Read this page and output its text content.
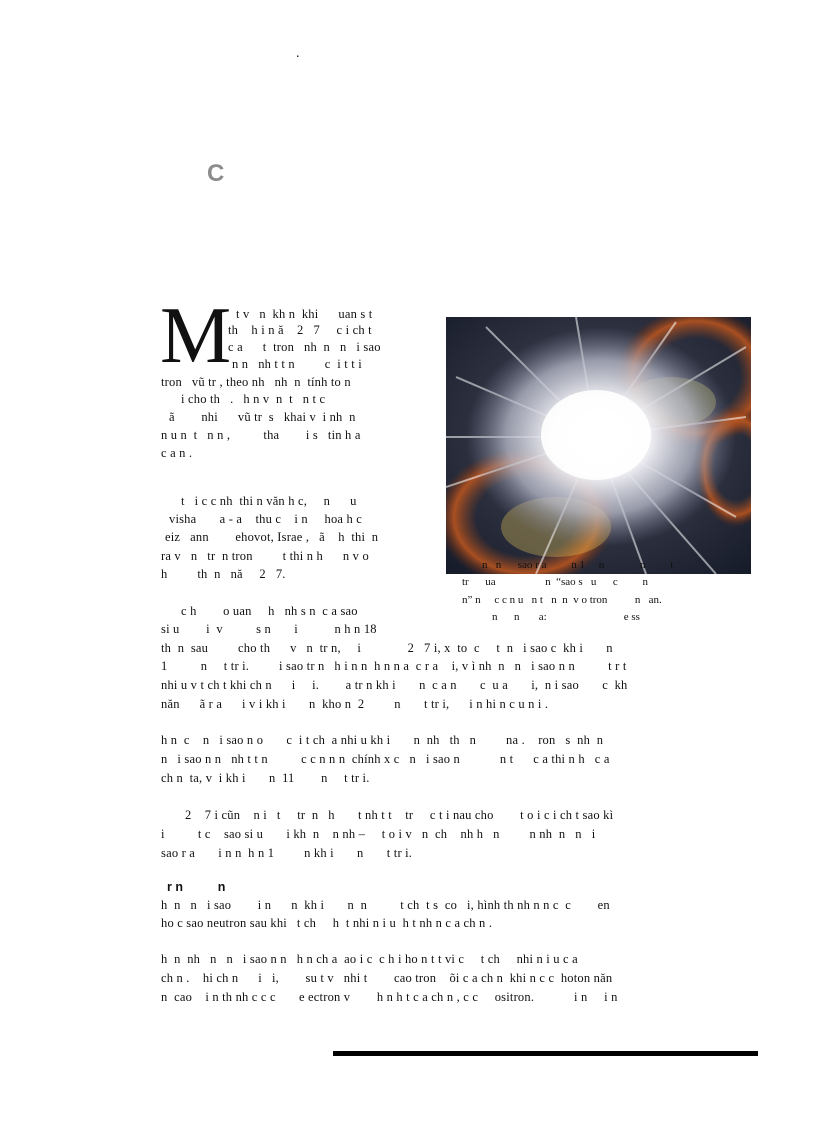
.
C
M t v   n  kh n  khi      uan s t
th    h i n ă    2   7     c i ch t
c a      t  tron   nh  n   n   i sao
n n   nh t t n         c  i t t i
tron   vũ tr , theo nh   nh  n  tính to n
i cho th   .   h n v  n  t   n t c
ã        nhi      vũ tr  s   khai v  i nh  n
n u n  t   n n ,          tha        i s   tin h a
c a n .
t   i c c nh  thi n văn h c,     n      u
visha       a - a    thu c    i n     hoa h c
eiz   ann        ehovot, Israe ,   ã    h  thi  n
ra v   n   tr  n tron         t thi n h      n v o
h         th  n   nă     2   7.
c h        o uan     h   nh s n  c a sao
si u        i  v          s n       i           n h n 18
th  n  sau         cho th      v   n  tr n,     i              2   7 i, x  to  c     t  n   i sao c  kh i       n
1          n     t tr i.         i sao tr n   h i n n  h n n a  c r a    i, v ì nh  n   n   i sao n n          t r t
nhi u v t ch t khi ch n      i     i.        a tr n kh i       n  c a n       c  u a       i,  n i sao       c  kh
năn      ã r a      i v i kh i       n  kho n  2         n       t tr i,      i n hi n c u n i .
h n  c    n   i sao n o       c  i t ch  a nhi u kh i       n  nh   th   n         na .    ron   s  nh  n
n   i sao n n   nh t t n          c c n n n  chính x c   n   i sao n            n t      c a thi n h   c a
ch n  ta, v  i kh i       n  11        n     t tr i.
2    7 i cũn    n i   t     tr  n   h       t nh t t    tr     c t i nau cho        t o i c i ch t sao kì
i          t c    sao si u       i kh  n    n nh –     t o i v   n  ch    nh h   n         n nh  n   n   i
sao r a       i n n  h n 1         n kh i       n       t tr i.
r n          n
h  n   n   i sao        i n      n  kh i       n  n          t ch  t s  co   i, hình th nh n n c  c        en
ho c sao neutron sau khi   t ch     h  t nhi n i u  h t nh n c a ch n .
h  n  nh   n   n   i sao n n   h n ch a  ao i c  c h i ho n t t vi c     t ch     nhi n i u c a
ch n .    hi ch n      i   i,        su t v   nhi t        cao tron    õi c a ch n  khi n c c  hoton năn
n  cao    i n th nh c c c       e ectron v        h n h t c a ch n , c c     ositron.            i n     i n
n   n      sao r a         n 1     n             n         t
tr      ua                  n  “sao s   u      c         n
n” n     c c n u   n t   n  n  v o tron          n   an.
n      n       a:                            e ss
